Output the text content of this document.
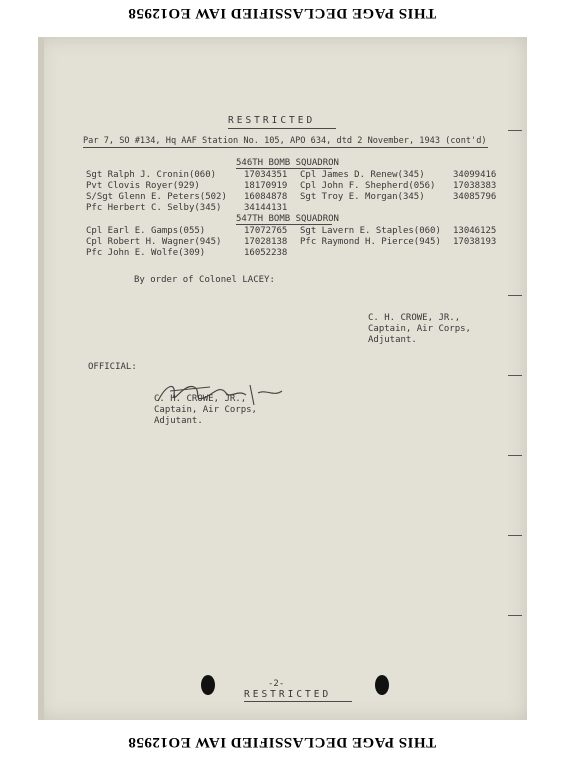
THIS PAGE DECLASSIFIED IAW EO12958
RESTRICTED
Par 7, SO #134, Hq AAF Station No. 105, APO 634, dtd 2 November, 1943 (cont'd)
546TH BOMB SQUADRON
Sgt Ralph J. Cronin(060)
Pvt Clovis Royer(929)
S/Sgt Glenn E. Peters(502)
Pfc Herbert C. Selby(345)
Cpl Earl E. Gamps(055)
Cpl Robert H. Wagner(945)
Pfc John E. Wolfe(309)
17034351
18170919
16084878
34144131
17072765
17028138
16052238
547TH BOMB SQUADRON
Cpl James D. Renew(345)
Cpl John F. Shepherd(056)
Sgt Troy E. Morgan(345)
Sgt Lavern E. Staples(060)
Pfc Raymond H. Pierce(945)
34099416
17038383
34085796
13046125
17038193
By order of Colonel LACEY:
C. H. CROWE, JR.,
Captain, Air Corps,
Adjutant.
OFFICIAL:
C. H. CROWE, JR.,
Captain, Air Corps,
Adjutant.
-2-
RESTRICTED
THIS PAGE DECLASSIFIED IAW EO12958
